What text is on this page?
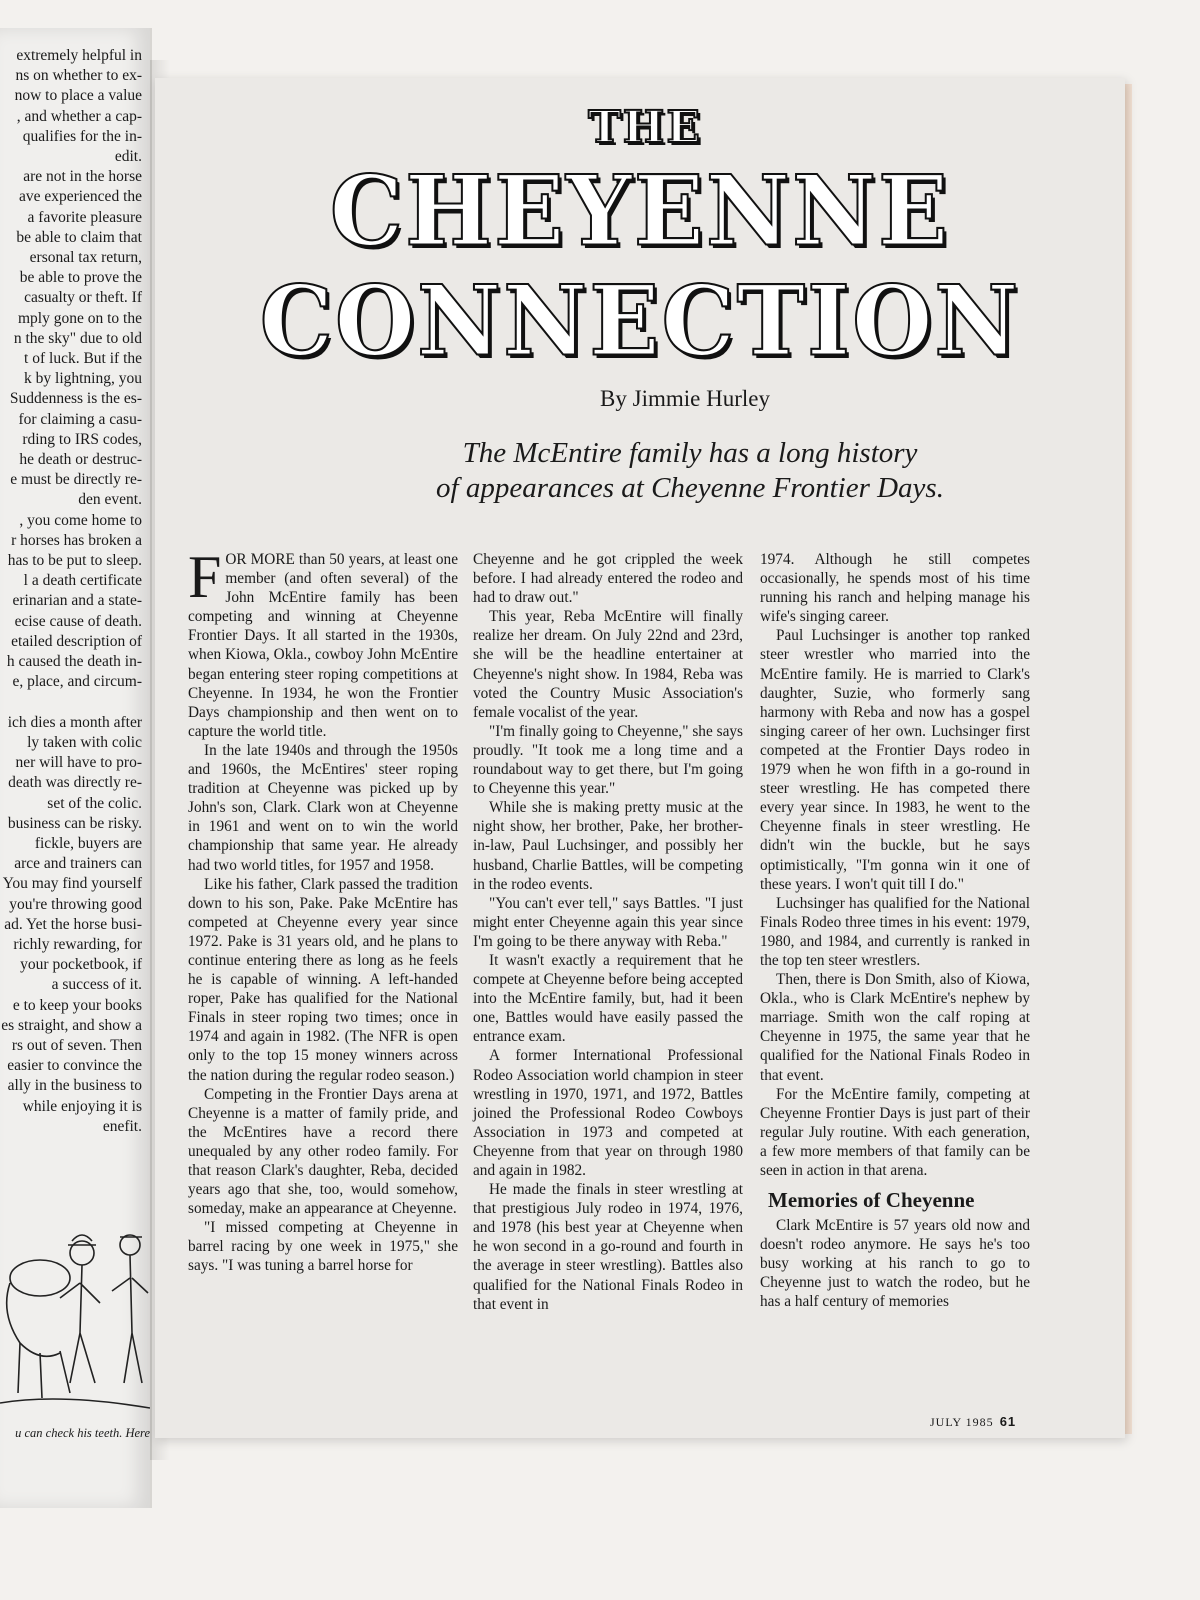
extremely helpful in
ns on whether to ex-
now to place a value
, and whether a cap-
qualifies for the in-
edit.
are not in the horse
ave experienced the
a favorite pleasure
be able to claim that
ersonal tax return,
be able to prove the
casualty or theft. If
mply gone on to the
n the sky" due to old
t of luck. But if the
k by lightning, you
Suddenness is the es-
for claiming a casu-
rding to IRS codes,
he death or destruc-
e must be directly re-
den event.
, you come home to
r horses has broken a
has to be put to sleep.
l a death certificate
erinarian and a state-
ecise cause of death.
etailed description of
h caused the death in-
e, place, and circum-

ich dies a month after
ly taken with colic
ner will have to pro-
death was directly re-
set of the colic.
business can be risky.
fickle, buyers are
arce and trainers can
You may find yourself
you're throwing good
ad. Yet the horse busi-
richly rewarding, for
your pocketbook, if
a success of it.
e to keep your books
es straight, and show a
rs out of seven. Then
easier to convince the
ally in the business to
while enjoying it is
enefit.
u can check his teeth. Here
THE
CHEYENNE
CONNECTION
By Jimmie Hurley
The McEntire family has a long history
of appearances at Cheyenne Frontier Days.

FOR MORE than 50 years, at least one member (and often several) of the John McEntire family has been competing and winning at Cheyenne Frontier Days. It all started in the 1930s, when Kiowa, Okla., cowboy John McEntire began entering steer roping competitions at Cheyenne. In 1934, he won the Frontier Days championship and then went on to capture the world title.

In the late 1940s and through the 1950s and 1960s, the McEntires' steer roping tradition at Cheyenne was picked up by John's son, Clark. Clark won at Cheyenne in 1961 and went on to win the world championship that same year. He already had two world titles, for 1957 and 1958.

Like his father, Clark passed the tradition down to his son, Pake. Pake McEntire has competed at Cheyenne every year since 1972. Pake is 31 years old, and he plans to continue entering there as long as he feels he is capable of winning. A left-handed roper, Pake has qualified for the National Finals in steer roping two times; once in 1974 and again in 1982. (The NFR is open only to the top 15 money winners across the nation during the regular rodeo season.)

Competing in the Frontier Days arena at Cheyenne is a matter of family pride, and the McEntires have a record there unequaled by any other rodeo family. For that reason Clark's daughter, Reba, decided years ago that she, too, would somehow, someday, make an appearance at Cheyenne.

"I missed competing at Cheyenne in barrel racing by one week in 1975," she says. "I was tuning a barrel horse for

Cheyenne and he got crippled the week before. I had already entered the rodeo and had to draw out."

This year, Reba McEntire will finally realize her dream. On July 22nd and 23rd, she will be the headline entertainer at Cheyenne's night show. In 1984, Reba was voted the Country Music Association's female vocalist of the year.

"I'm finally going to Cheyenne," she says proudly. "It took me a long time and a roundabout way to get there, but I'm going to Cheyenne this year."

While she is making pretty music at the night show, her brother, Pake, her brother-in-law, Paul Luchsinger, and possibly her husband, Charlie Battles, will be competing in the rodeo events.

"You can't ever tell," says Battles. "I just might enter Cheyenne again this year since I'm going to be there anyway with Reba."

It wasn't exactly a requirement that he compete at Cheyenne before being accepted into the McEntire family, but, had it been one, Battles would have easily passed the entrance exam.

A former International Professional Rodeo Association world champion in steer wrestling in 1970, 1971, and 1972, Battles joined the Professional Rodeo Cowboys Association in 1973 and competed at Cheyenne from that year on through 1980 and again in 1982.

He made the finals in steer wrestling at that prestigious July rodeo in 1974, 1976, and 1978 (his best year at Cheyenne when he won second in a go-round and fourth in the average in steer wrestling). Battles also qualified for the National Finals Rodeo in that event in

1974. Although he still competes occasionally, he spends most of his time running his ranch and helping manage his wife's singing career.

Paul Luchsinger is another top ranked steer wrestler who married into the McEntire family. He is married to Clark's daughter, Suzie, who formerly sang harmony with Reba and now has a gospel singing career of her own. Luchsinger first competed at the Frontier Days rodeo in 1979 when he won fifth in a go-round in steer wrestling. He has competed there every year since. In 1983, he went to the Cheyenne finals in steer wrestling. He didn't win the buckle, but he says optimistically, "I'm gonna win it one of these years. I won't quit till I do."

Luchsinger has qualified for the National Finals Rodeo three times in his event: 1979, 1980, and 1984, and currently is ranked in the top ten steer wrestlers.

Then, there is Don Smith, also of Kiowa, Okla., who is Clark McEntire's nephew by marriage. Smith won the calf roping at Cheyenne in 1975, the same year that he qualified for the National Finals Rodeo in that event.

For the McEntire family, competing at Cheyenne Frontier Days is just part of their regular July routine. With each generation, a few more members of that family can be seen in action in that arena.

Memories of Cheyenne

Clark McEntire is 57 years old now and doesn't rodeo anymore. He says he's too busy working at his ranch to go to Cheyenne just to watch the rodeo, but he has a half century of memories

JULY 1985 61
